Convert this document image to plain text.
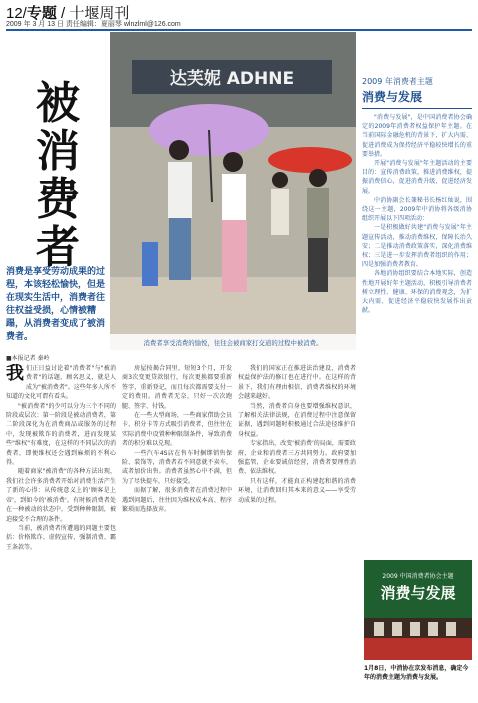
12/专题 / 十堰周刊
2009 年 3 月 13 日 责任编辑：夏丽琴 wlnzlml@126.com
被消费者
消费是享受劳动成果的过程，本该轻松愉快，但是在现实生活中，消费者往往权益受损，心情被糟蹋，从消费者变成了被消费者。
达芙妮 ADHNE
消费者享受消费的愉悦，往往会被商家打交道的过程中被消费。
■本报记者 秦岭
我 们正日益讨论着"消费者"与"被消费者"的话题，顾名思义，就是人成为"被消费者"。这些年多人所不知道的文化可谓有看头。

"被消费者"的少可以分为三个不同的阶段或层次：第一阶段是被动消费者，第二阶段深化为在消费商品或服务的过程中，发现被欺诈的消费者，进而发现某些"维权"有难度，在这样的不同层次的消费者，即便维权还会遇到麻烦的不利心得。

随着商家"被消费"的各种方法出现，我们社会许多消费者开始对消费生活产生了新的心得：从传统意义上的'顾客是上帝'，到如今的'被消费'。有时候消费者处在一种被动的状态中，受到种种限制，被迫接受不合理的条件。

当前，被消费者所遭遇的问题主要包括：价格欺诈、虚假宣传、强制消费、霸王条款等。

房屋按揭合同里，短短3个月，开发商3次变更贷款银行，每次更换都要重新签字，重新登记，而且每次都需要支付一定的费用。消费者无奈，只好一次次跑腿、签字、付钱。

在一些大型商场，一些商家借助会员卡、积分卡等方式吸引消费者，但往往在实际消费中设置种种限制条件，导致消费者的积分难以兑现。

一些汽车4S店在售车时捆绑销售保险、装饰等，消费者若不同意就不卖车，或者加价出售。消费者虽然心中不满，但为了尽快提车，只好接受。

而据了解，很多消费者在消费过程中遇到问题后，往往因为维权成本高、程序繁琐而选择放弃。

我们的国家正在推进法治建设，消费者权益保护法的修订也在进行中。在这样的背景下，我们有理由相信，消费者维权的环境会越来越好。

当然，消费者自身也要增强维权意识，了解相关法律法规，在消费过程中注意保留证据，遇到问题时积极通过合法途径维护自身权益。

专家指出，改变'被消费'的局面，需要政府、企业和消费者三方共同努力。政府要加强监管，企业要诚信经营，消费者要理性消费、依法维权。

只有这样，才能真正构建起和谐的消费环境，让消费回归其本来的意义——享受劳动成果的过程。

2009 年消费者主题
消费与发展

"消费与发展"，是中国消费者协会确定的2009年消费者权益保护年主题。在当前国际金融危机的背景下，扩大内需、促进消费成为保持经济平稳较快增长的重要举措。

开展"消费与发展"年主题活动的主要目的：宣传消费政策，推进消费维权，提振消费信心，促进消费升级，促进经济发展。

中消协副会长兼秘书长杨红灿说，围绕这一主题，2009年中消协将各级消协组织开展以下四项活动：

一是积极做好共建"消费与发展"年主题宣传活动，推动消费维权，保障长治久安；二是推动消费政策落实，深化消费维权；三是进一步发挥消费者组织的作用；四是加强消费者教育。

各地消协组织要结合本地实际，创造性地开展好年主题活动，积极引导消费者树立理性、健康、环保的消费观念，为扩大内需、促进经济平稳较快发展作出贡献。

2009 中国消费者协会主题
消费与发展
1月8日，中消协在京发布消息，确定今年的消费主题为消费与发展。
